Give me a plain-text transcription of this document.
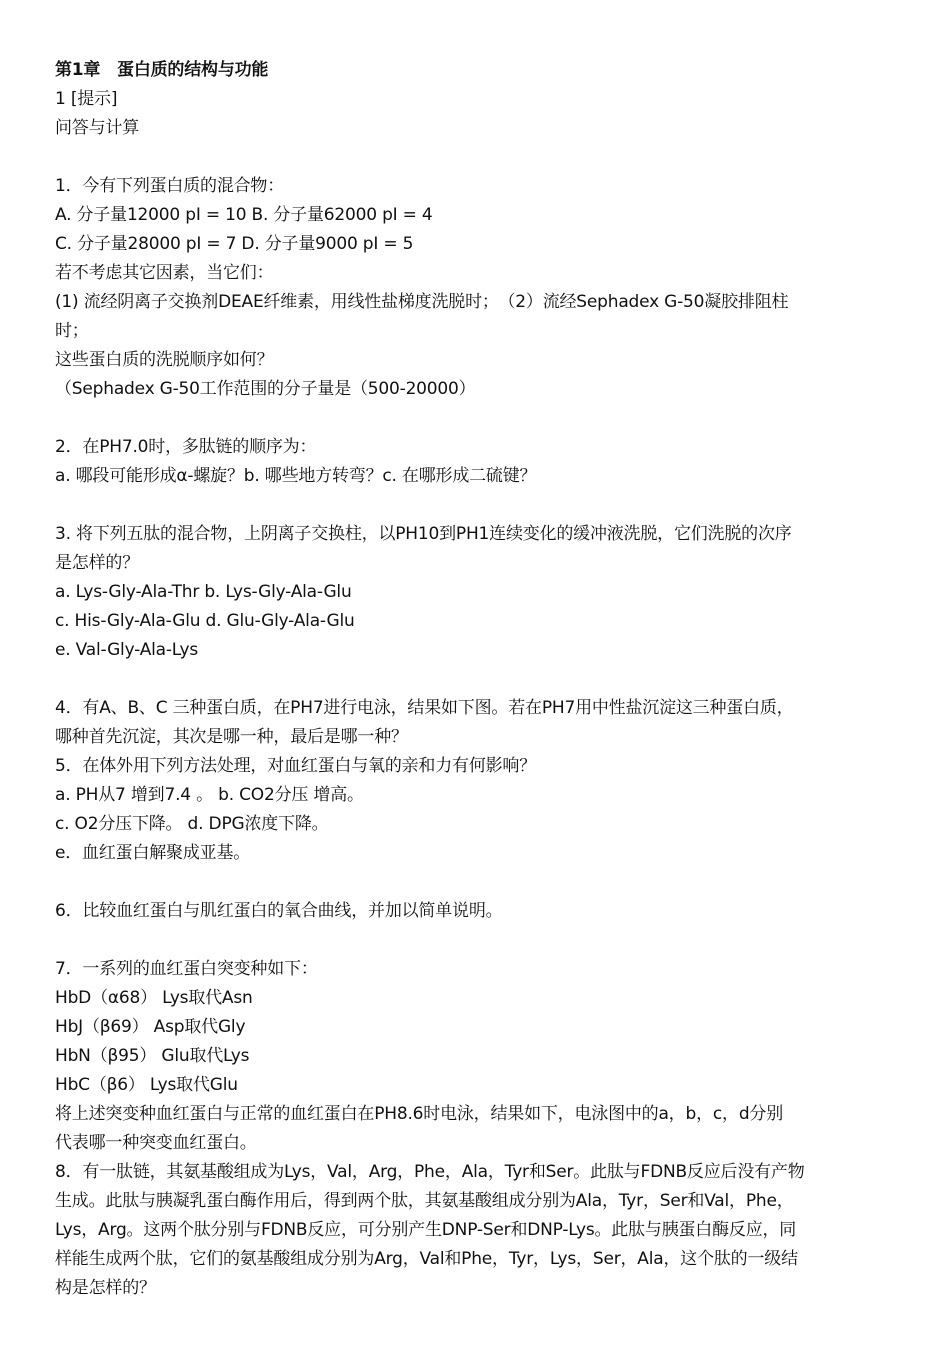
第1章　蛋白质的结构与功能
1 [提示]
问答与计算
1．今有下列蛋白质的混合物：
A. 分子量12000 pI = 10 B. 分子量62000 pI = 4
C. 分子量28000 pI = 7 D. 分子量9000 pI = 5
若不考虑其它因素，当它们：
(1) 流经阴离子交换剂DEAE纤维素，用线性盐梯度洗脱时；　（2）流经Sephadex G-50凝胶排阻柱
时；
这些蛋白质的洗脱顺序如何？
（Sephadex G-50工作范围的分子量是（500-20000）
2．在PH7.0时，多肽链的顺序为：
a. 哪段可能形成α-螺旋？b. 哪些地方转弯？c. 在哪形成二硫键？
3. 将下列五肽的混合物，上阴离子交换柱，以PH10到PH1连续变化的缓冲液洗脱，它们洗脱的次序
是怎样的？
a. Lys-Gly-Ala-Thr b. Lys-Gly-Ala-Glu
c. His-Gly-Ala-Glu d. Glu-Gly-Ala-Glu
e. Val-Gly-Ala-Lys
4．有A、B、C 三种蛋白质，在PH7进行电泳，结果如下图。若在PH7用中性盐沉淀这三种蛋白质，
哪种首先沉淀，其次是哪一种，最后是哪一种？
5．在体外用下列方法处理，对血红蛋白与氧的亲和力有何影响？
a. PH从7 增到7.4 。 b. CO2分压 增高。
c. O2分压下降。 d. DPG浓度下降。
e．血红蛋白解聚成亚基。
6．比较血红蛋白与肌红蛋白的氧合曲线，并加以简单说明。
7．一系列的血红蛋白突变种如下：
HbD（α68） Lys取代Asn
HbJ（β69） Asp取代Gly
HbN（β95） Glu取代Lys
HbC（β6） Lys取代Glu
将上述突变种血红蛋白与正常的血红蛋白在PH8.6时电泳，结果如下，电泳图中的a，b，c，d分别
代表哪一种突变血红蛋白。
8．有一肽链，其氨基酸组成为Lys，Val，Arg，Phe，Ala，Tyr和Ser。此肽与FDNB反应后没有产物
生成。此肽与胰凝乳蛋白酶作用后，得到两个肽，其氨基酸组成分别为Ala，Tyr，Ser和Val，Phe，
Lys，Arg。这两个肽分别与FDNB反应，可分别产生DNP-Ser和DNP-Lys。此肽与胰蛋白酶反应，同
样能生成两个肽，它们的氨基酸组成分别为Arg，Val和Phe，Tyr，Lys，Ser，Ala，这个肽的一级结
构是怎样的？
